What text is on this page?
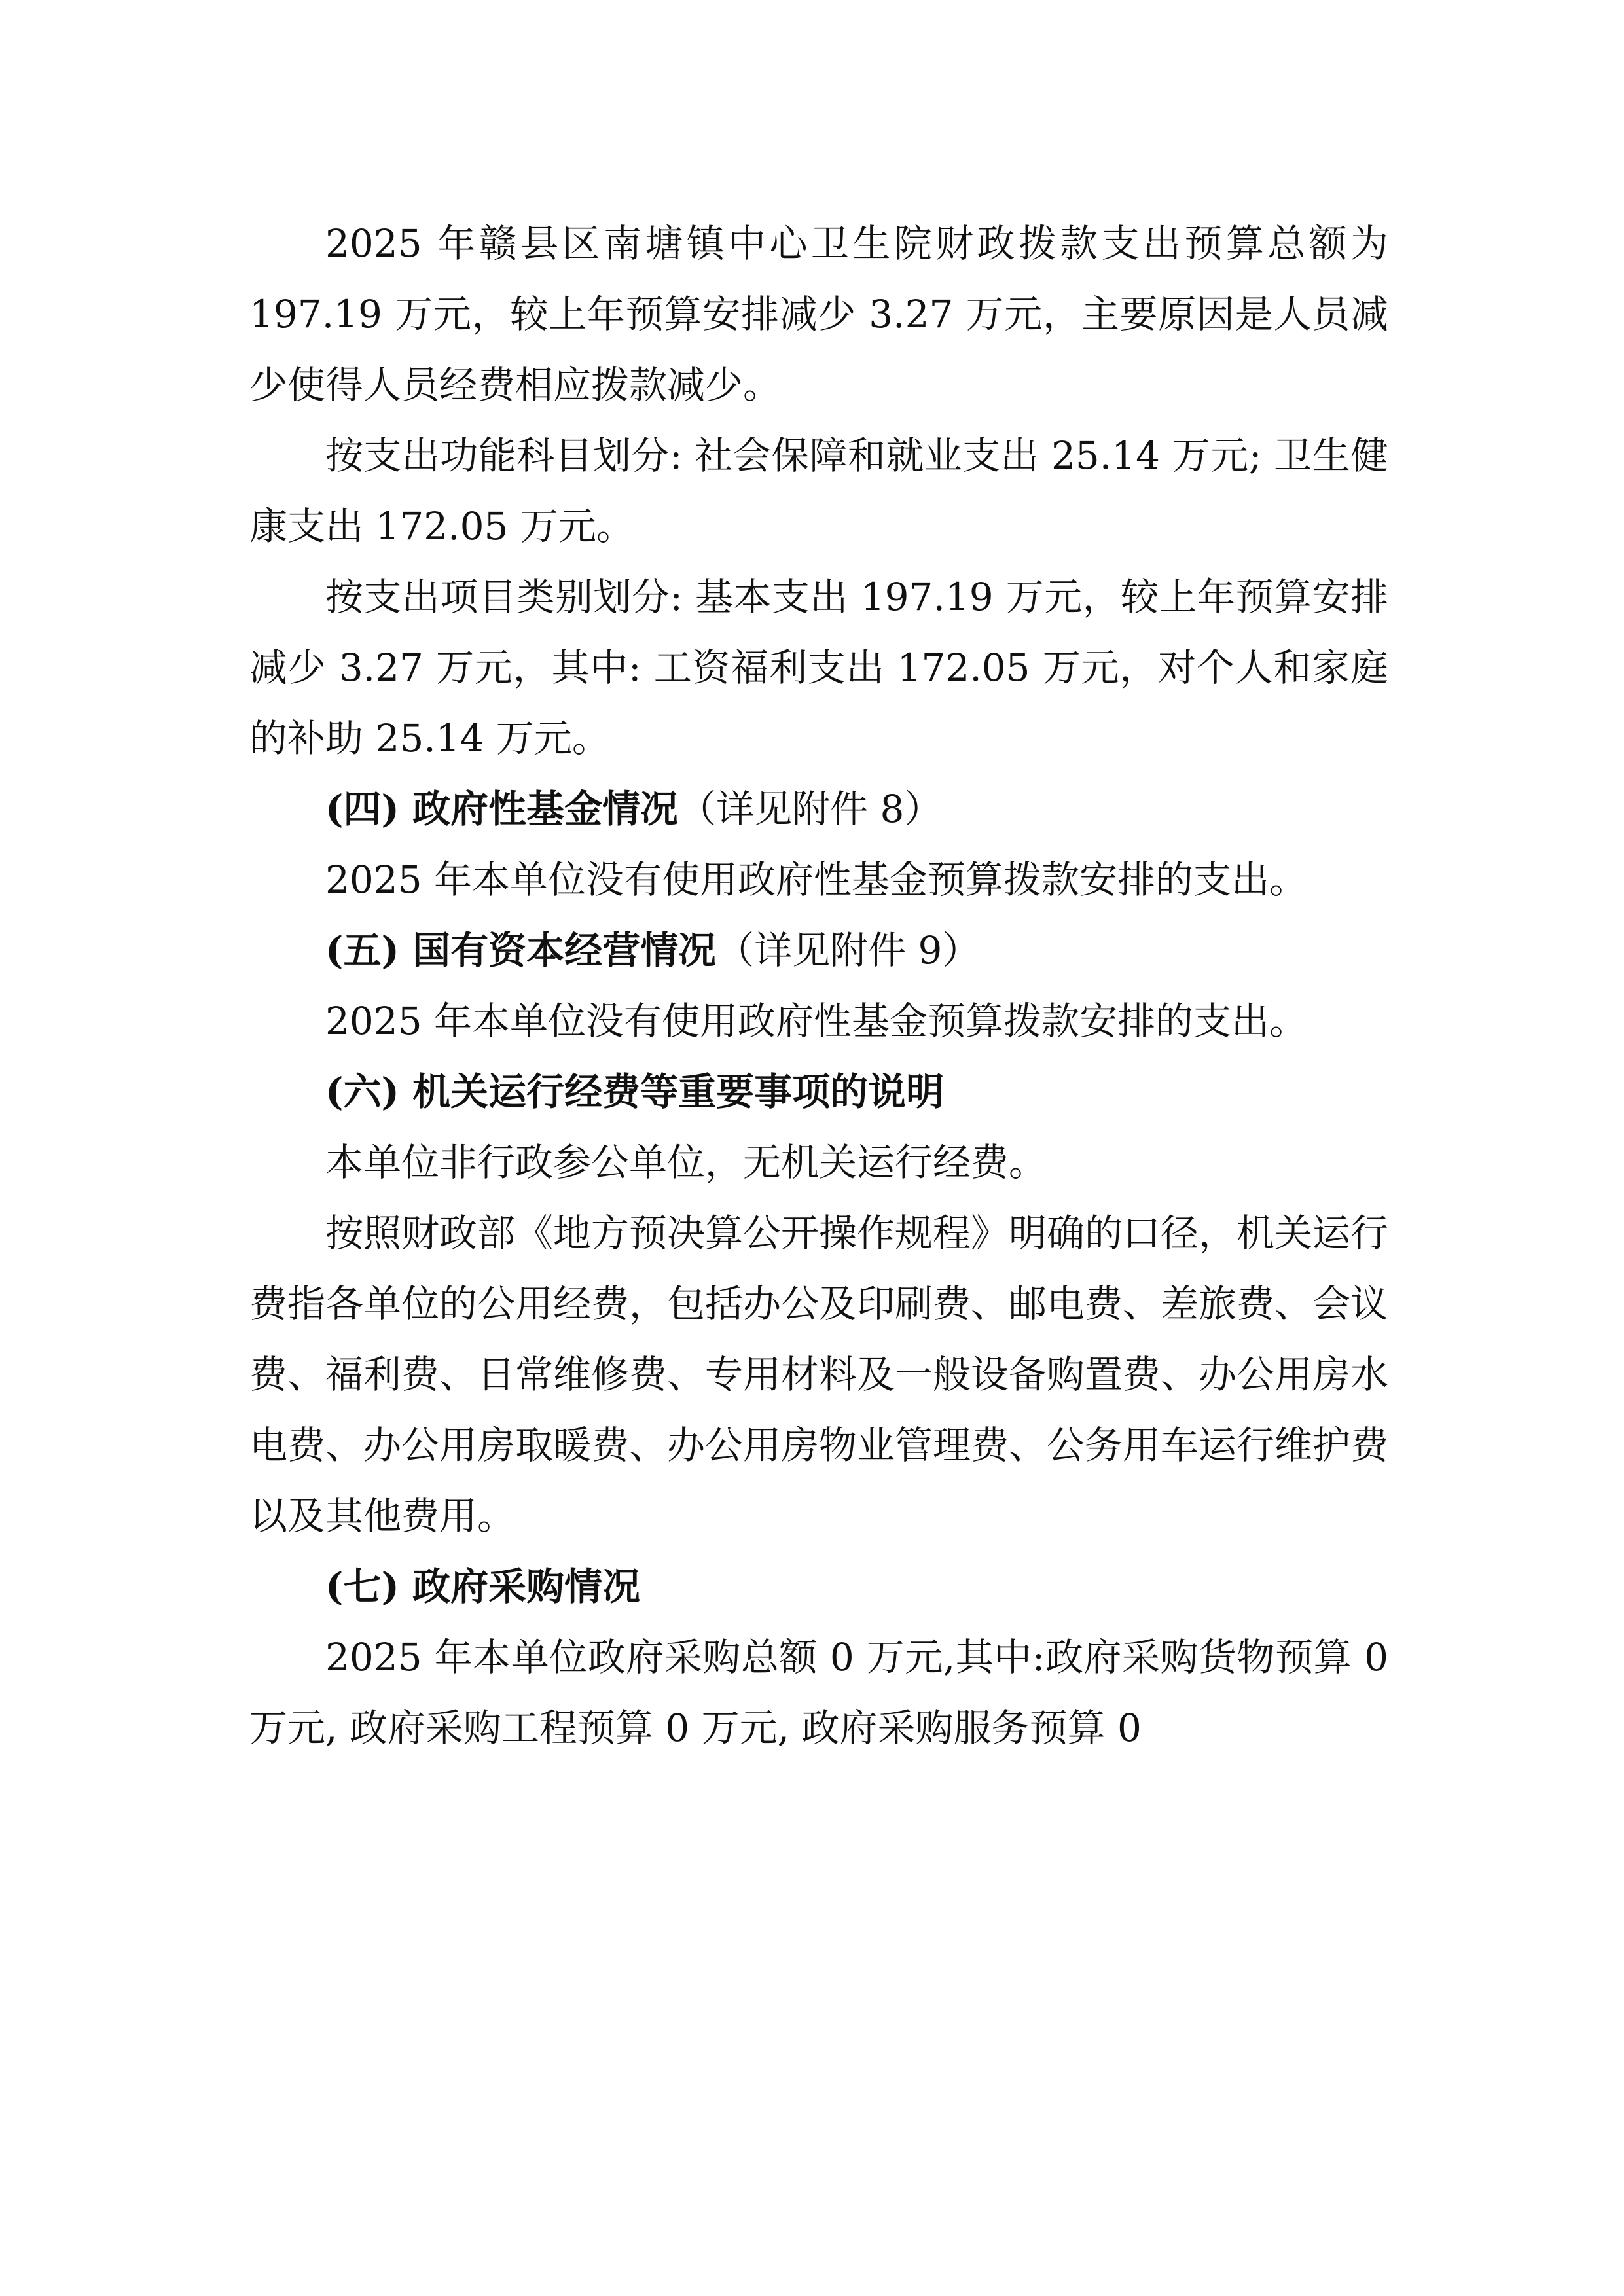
2025 年赣县区南塘镇中心卫生院财政拨款支出预算总额为 197.19 万元，较上年预算安排减少 3.27 万元，主要原因是人员减少使得人员经费相应拨款减少。

按支出功能科目划分: 社会保障和就业支出 25.14 万元; 卫生健康支出 172.05 万元。

按支出项目类别划分: 基本支出 197.19 万元，较上年预算安排减少 3.27 万元，其中: 工资福利支出 172.05 万元，对个人和家庭的补助 25.14 万元。

(四) 政府性基金情况（详见附件 8）

2025 年本单位没有使用政府性基金预算拨款安排的支出。

(五) 国有资本经营情况（详见附件 9）

2025 年本单位没有使用政府性基金预算拨款安排的支出。

(六) 机关运行经费等重要事项的说明

本单位非行政参公单位，无机关运行经费。

按照财政部《地方预决算公开操作规程》明确的口径，机关运行费指各单位的公用经费，包括办公及印刷费、邮电费、差旅费、会议费、福利费、日常维修费、专用材料及一般设备购置费、办公用房水电费、办公用房取暖费、办公用房物业管理费、公务用车运行维护费以及其他费用。

(七) 政府采购情况

2025 年本单位政府采购总额 0 万元,其中:政府采购货物预算 0 万元, 政府采购工程预算 0 万元, 政府采购服务预算 0
